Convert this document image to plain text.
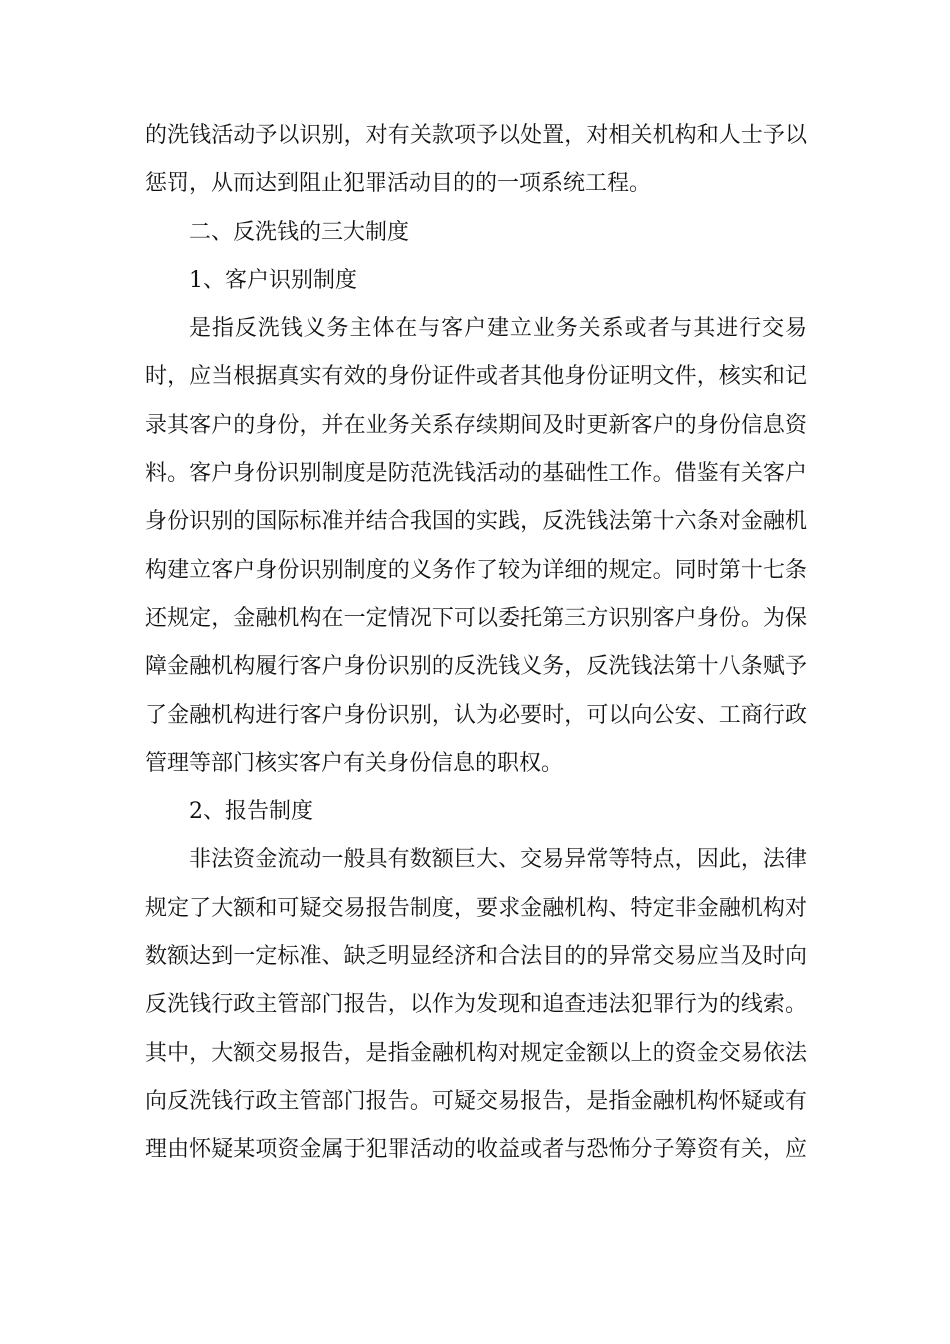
的洗钱活动予以识别，对有关款项予以处置，对相关机构和人士予以
惩罚，从而达到阻止犯罪活动目的的一项系统工程。
二、反洗钱的三大制度
1、客户识别制度
是指反洗钱义务主体在与客户建立业务关系或者与其进行交易
时，应当根据真实有效的身份证件或者其他身份证明文件，核实和记
录其客户的身份，并在业务关系存续期间及时更新客户的身份信息资
料。客户身份识别制度是防范洗钱活动的基础性工作。借鉴有关客户
身份识别的国际标准并结合我国的实践，反洗钱法第十六条对金融机
构建立客户身份识别制度的义务作了较为详细的规定。同时第十七条
还规定，金融机构在一定情况下可以委托第三方识别客户身份。为保
障金融机构履行客户身份识别的反洗钱义务，反洗钱法第十八条赋予
了金融机构进行客户身份识别，认为必要时，可以向公安、工商行政
管理等部门核实客户有关身份信息的职权。
2、报告制度
非法资金流动一般具有数额巨大、交易异常等特点，因此，法律
规定了大额和可疑交易报告制度，要求金融机构、特定非金融机构对
数额达到一定标准、缺乏明显经济和合法目的的异常交易应当及时向
反洗钱行政主管部门报告，以作为发现和追查违法犯罪行为的线索。
其中，大额交易报告，是指金融机构对规定金额以上的资金交易依法
向反洗钱行政主管部门报告。可疑交易报告，是指金融机构怀疑或有
理由怀疑某项资金属于犯罪活动的收益或者与恐怖分子筹资有关，应
